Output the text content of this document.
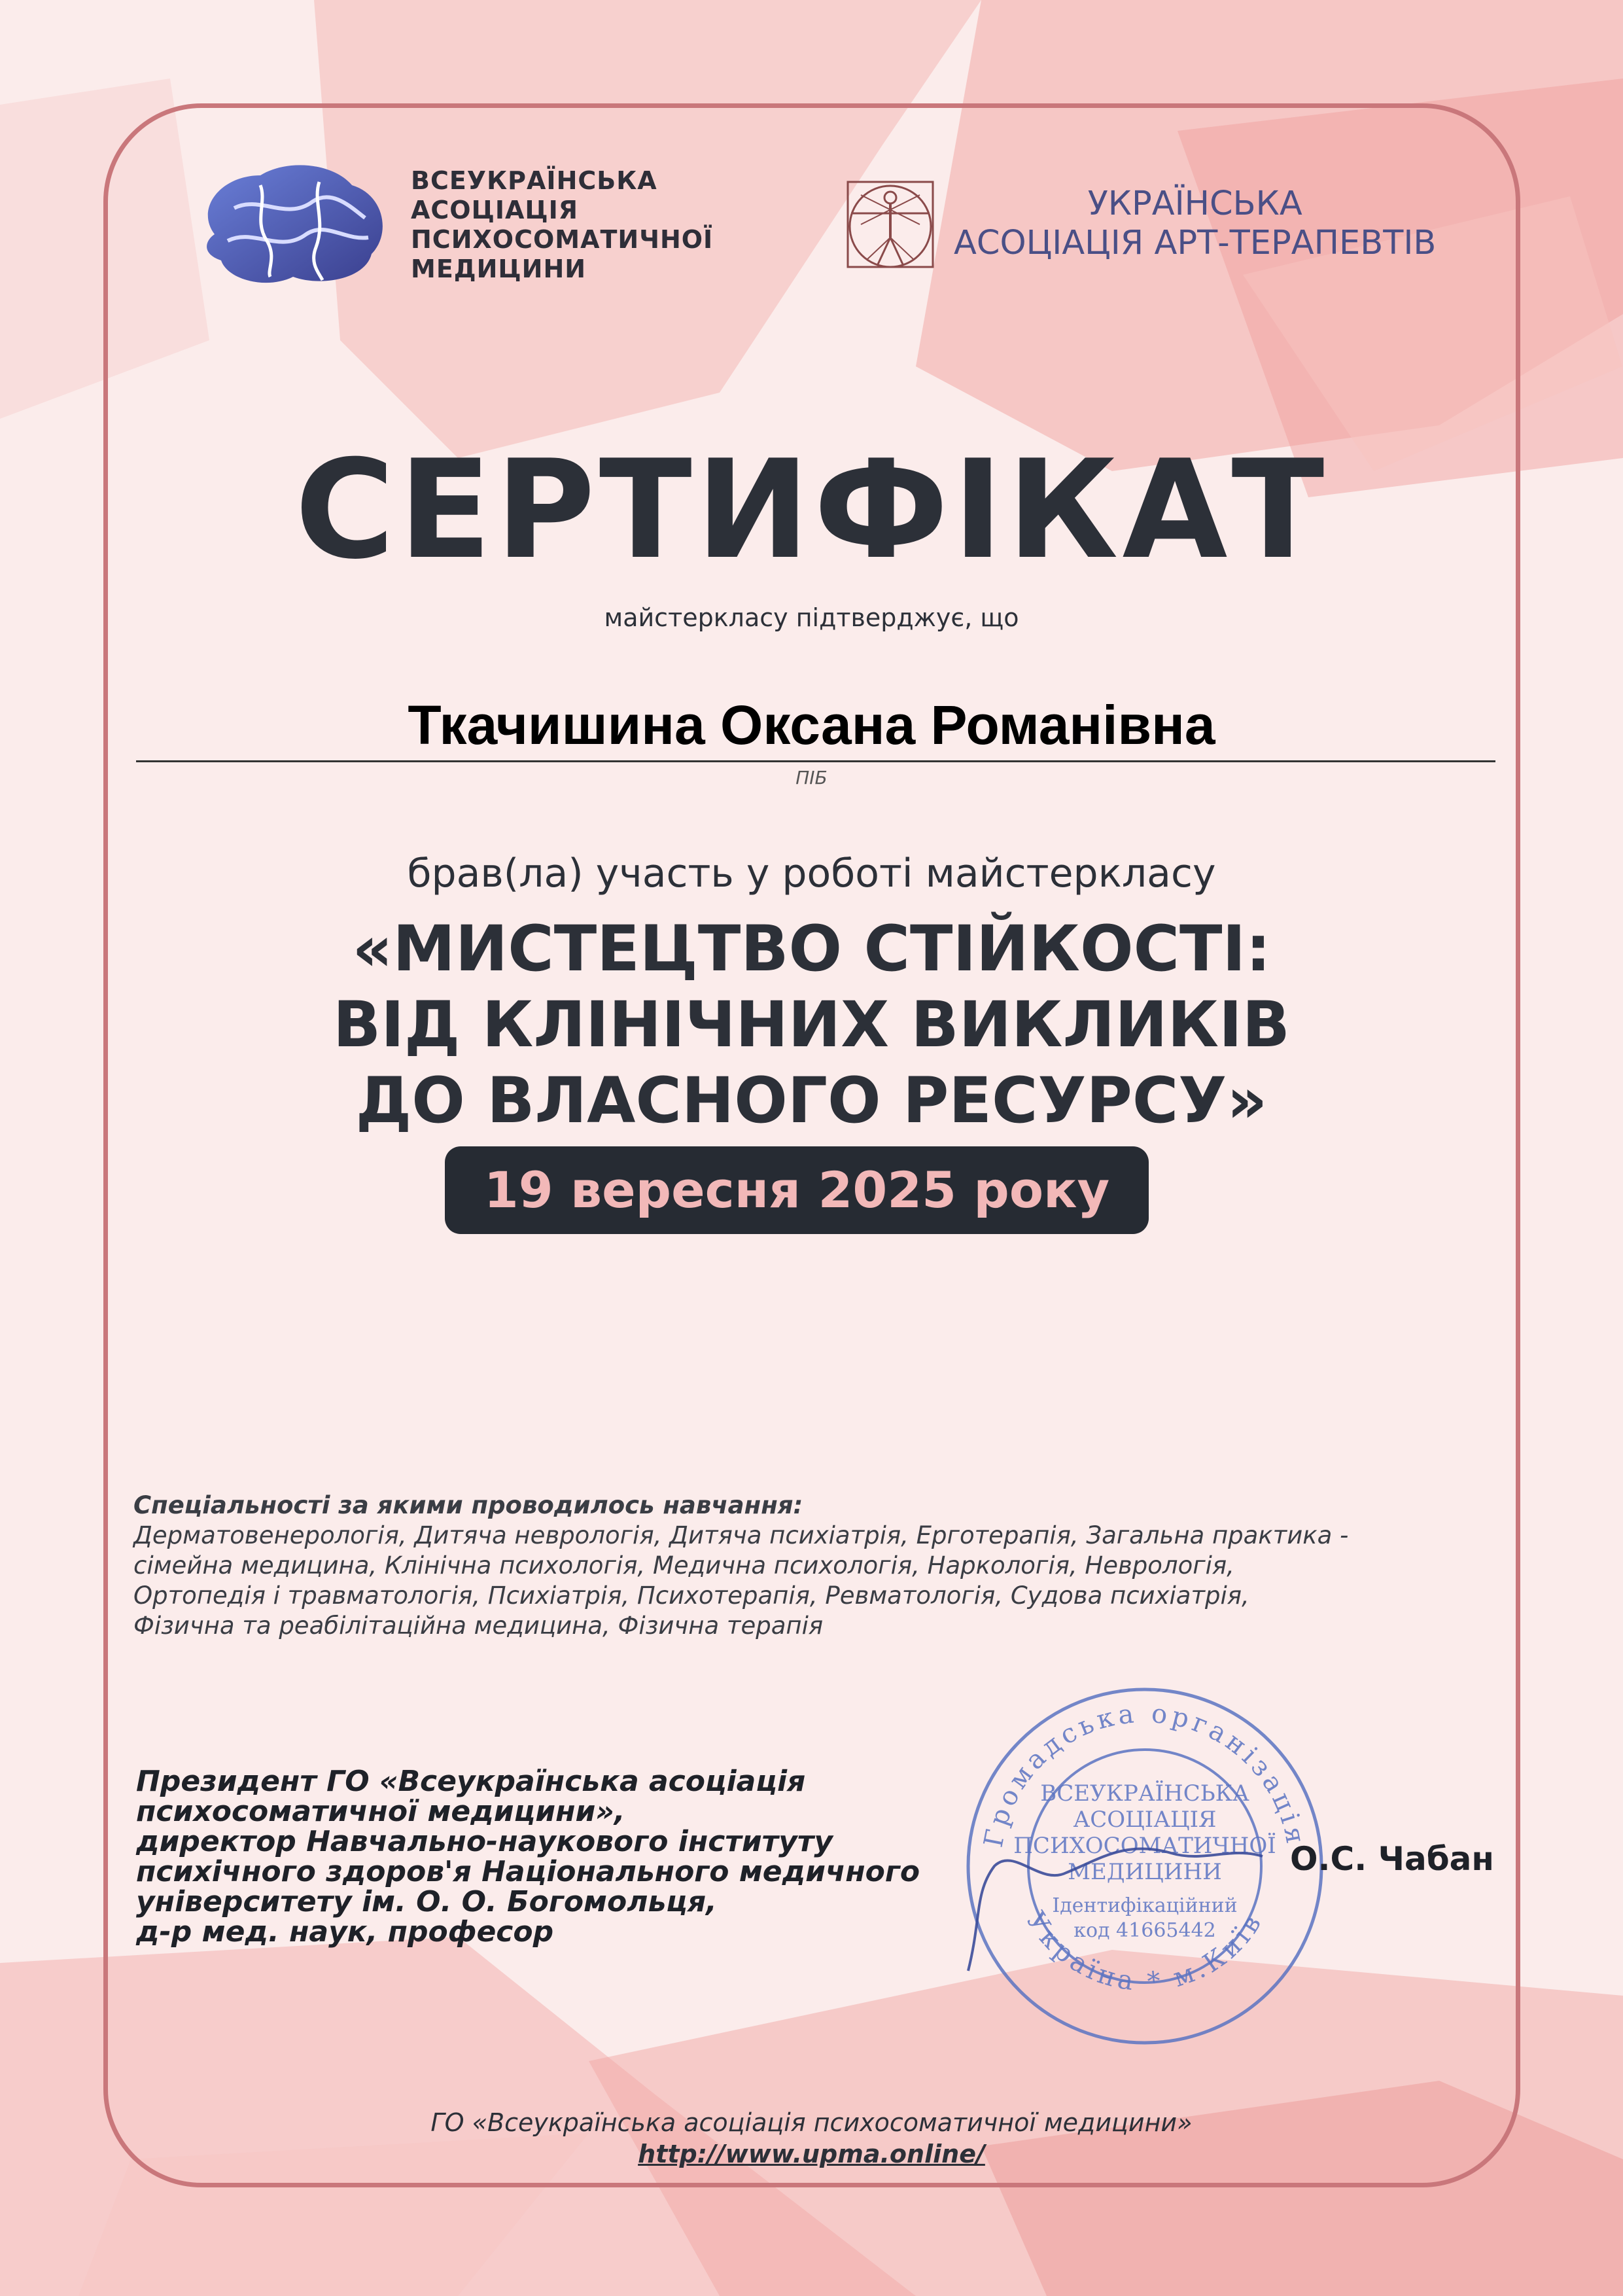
ВСЕУКРАЇНСЬКА
АСОЦІАЦІЯ
ПСИХОСОМАТИЧНОЇ
МЕДИЦИНИ
УКРАЇНСЬКА
АСОЦІАЦІЯ АРТ-ТЕРАПЕВТІВ
СЕРТИФІКАТ
майстеркласу підтверджує, що
Ткачишина Оксана Романівна
ПІБ
брав(ла) участь у роботі майстеркласу
«МИСТЕЦТВО СТІЙКОСТІ:
ВІД КЛІНІЧНИХ ВИКЛИКІВ
ДО ВЛАСНОГО РЕСУРСУ»
19 вересня 2025 року
Спеціальності за якими проводилось навчання:
Дерматовенерологія, Дитяча неврологія, Дитяча психіатрія, Ерготерапія, Загальна практика -
сімейна медицина, Клінічна психологія, Медична психологія, Наркологія, Неврологія,
Ортопедія і травматологія, Психіатрія, Психотерапія, Ревматологія, Судова психіатрія,
Фізична та реабілітаційна медицина, Фізична терапія
Громадська організація
Україна * м.Київ
ВСЕУКРАЇНСЬКА
АСОЦІАЦІЯ
ПСИХОСОМАТИЧНОЇ
МЕДИЦИНИ
Ідентифікаційний
код 41665442
Президент ГО «Всеукраїнська асоціація
психосоматичної медицини»,
директор Навчально-наукового інституту
психічного здоров'я Національного медичного
університету ім. О. О. Богомольця,
д-р мед. наук, професор
О.С. Чабан
ГО «Всеукраїнська асоціація психосоматичної медицини»
http://www.upma.online/
